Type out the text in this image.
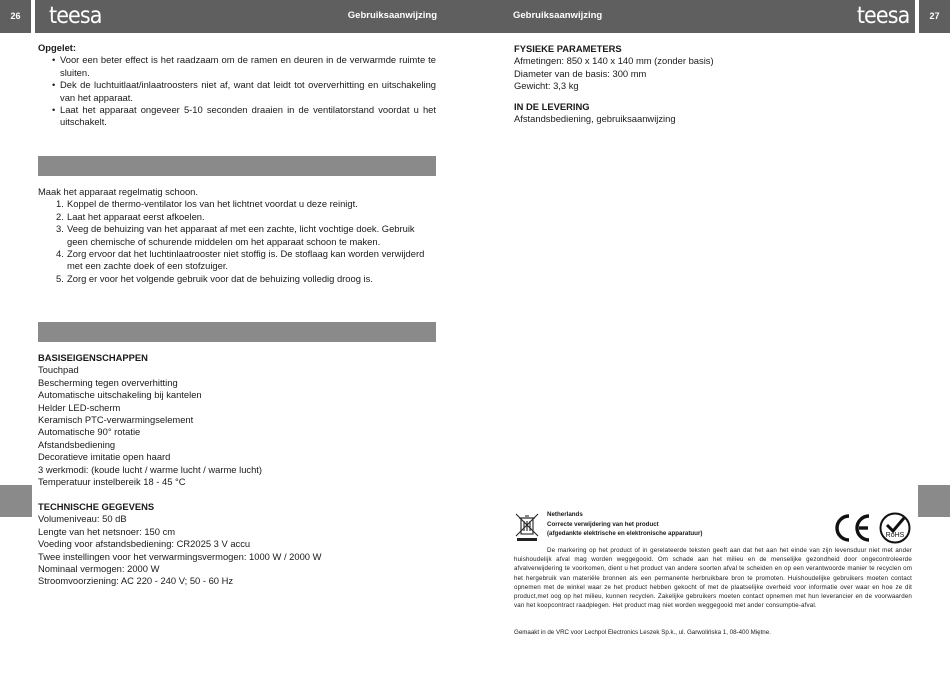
26	teesa	Gebruiksaanwijzing	Gebruiksaanwijzing	teesa	27
Opgelet:
• Voor een beter effect is het raadzaam om de ramen en deuren in de verwarmde ruimte te sluiten.
• Dek de luchtuitlaat/inlaatroosters niet af, want dat leidt tot oververhitting en uitschakeling van het apparaat.
• Laat het apparaat ongeveer 5-10 seconden draaien in de ventilatorstand voordat u het uitschakelt.
Maak het apparaat regelmatig schoon.
1. Koppel de thermo-ventilator los van het lichtnet voordat u deze reinigt.
2. Laat het apparaat eerst afkoelen.
3. Veeg de behuizing van het apparaat af met een zachte, licht vochtige doek. Gebruik geen chemische of schurende middelen om het apparaat schoon te maken.
4. Zorg ervoor dat het luchtinlaatrooster niet stoffig is. De stoflaag kan worden verwijderd met een zachte doek of een stofzuiger.
5. Zorg er voor het volgende gebruik voor dat de behuizing volledig droog is.
BASISEIGENSCHAPPEN
Touchpad
Bescherming tegen oververhitting
Automatische uitschakeling bij kantelen
Helder LED-scherm
Keramisch PTC-verwarmingselement
Automatische 90° rotatie
Afstandsbediening
Decoratieve imitatie open haard
3 werkmodi: (koude lucht / warme lucht / warme lucht)
Temperatuur instelbereik 18 - 45 °C
TECHNISCHE GEGEVENS
Volumeniveau: 50 dB
Lengte van het netsnoer: 150 cm
Voeding voor afstandsbediening: CR2025 3 V accu
Twee instellingen voor het verwarmingsvermogen: 1000 W / 2000 W
Nominaal vermogen: 2000 W
Stroomvoorziening: AC 220 - 240 V; 50 - 60 Hz
FYSIEKE PARAMETERS
Afmetingen: 850 x 140 x 140 mm (zonder basis)
Diameter van de basis: 300 mm
Gewicht: 3,3 kg
IN DE LEVERING
Afstandsbediening, gebruiksaanwijzing
Netherlands
Correcte verwijdering van het product
(afgedankte elektrische en elektronische apparatuur)	RoHS
De markering op het product of in gerelateerde teksten geeft aan dat het aan het einde van zijn levensduur niet met ander huishoudelijk afval mag worden weggegooid. Om schade aan het milieu en de menselijke gezondheid door ongecontroleerde afvalverwijdering te voorkomen, dient u het product van andere soorten afval te scheiden en op een verantwoorde manier te recyclen om het hergebruik van materiële bronnen als een permanente herbruikbare bron te promoten. Huishoudelijke gebruikers moeten contact opnemen met de winkel waar ze het product hebben gekocht of met de plaatselijke overheid voor informatie over waar en hoe ze dit product,met oog op het milieu, kunnen recyclen. Zakelijke gebruikers moeten contact opnemen met hun leverancier en de voorwaarden van het koopcontract raadplegen. Het product mag niet worden weggegooid met ander consumptie-afval.
Gemaakt in de VRC voor Lechpol Electronics Leszek Sp.k., ul. Garwolińska 1, 08-400 Miętne.
